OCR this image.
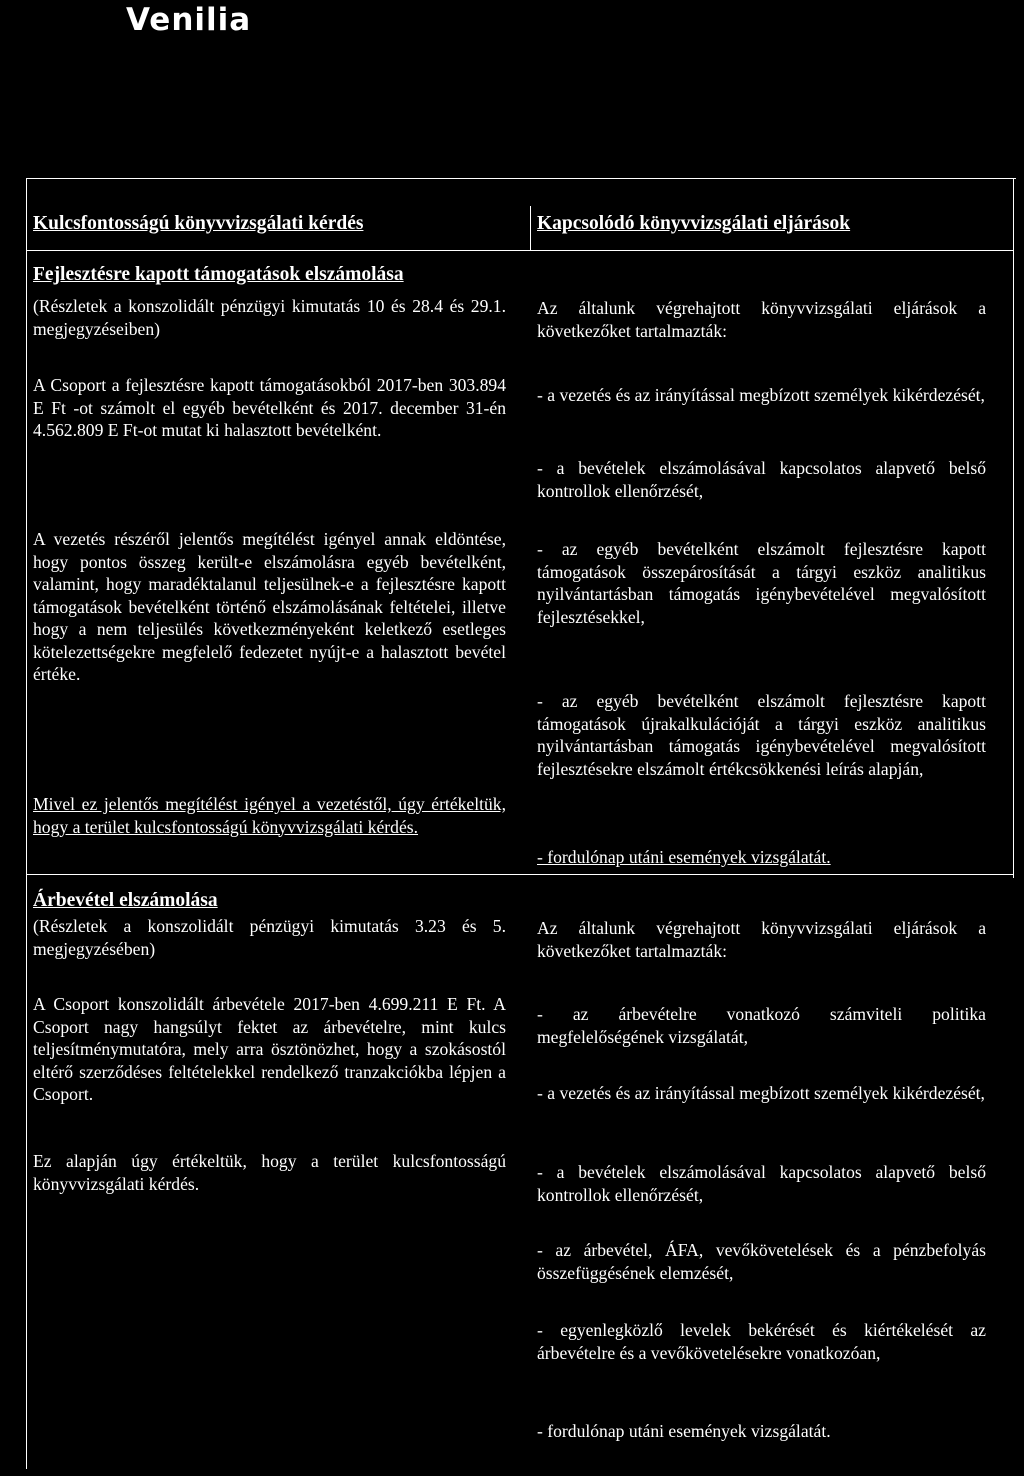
Venilia
Kulcsfontosságú könyvvizsgálati kérdés	Kapcsolódó könyvvizsgálati eljárások
Fejlesztésre kapott támogatások elszámolása

(Részletek a konszolidált pénzügyi kimutatás 10 és 28.4 és 29.1. megjegyzéseiben)

A Csoport a fejlesztésre kapott támogatásokból 2017-ben 303.894 E Ft -ot számolt el egyéb bevételként és 2017. december 31-én 4.562.809 E Ft-ot mutat ki halasztott bevételként.

A vezetés részéről jelentős megítélést igényel annak eldöntése, hogy pontos összeg került-e elszámolásra egyéb bevételként, valamint, hogy maradéktalanul teljesülnek-e a fejlesztésre kapott támogatások bevételként történő elszámolásának feltételei, illetve hogy a nem teljesülés következményeként keletkező esetleges kötelezettségekre megfelelő fedezetet nyújt-e a halasztott bevétel értéke.

Mivel ez jelentős megítélést igényel a vezetéstől, úgy értékeltük, hogy a terület kulcsfontosságú könyvvizsgálati kérdés.

Az általunk végrehajtott könyvvizsgálati eljárások a következőket tartalmazták:

- a vezetés és az irányítással megbízott személyek kikérdezését,

- a bevételek elszámolásával kapcsolatos alapvető belső kontrollok ellenőrzését,

- az egyéb bevételként elszámolt fejlesztésre kapott támogatások összepárosítását a tárgyi eszköz analitikus nyilvántartásban támogatás igénybevételével megvalósított fejlesztésekkel,

- az egyéb bevételként elszámolt fejlesztésre kapott támogatások újrakalkulációját a tárgyi eszköz analitikus nyilvántartásban támogatás igénybevételével megvalósított fejlesztésekre elszámolt értékcsökkenési leírás alapján,

- fordulónap utáni események vizsgálatát.

Árbevétel elszámolása

(Részletek a konszolidált pénzügyi kimutatás 3.23 és 5. megjegyzésében)

A Csoport konszolidált árbevétele 2017-ben 4.699.211 E Ft. A Csoport nagy hangsúlyt fektet az árbevételre, mint kulcs teljesítménymutatóra, mely arra ösztönözhet, hogy a szokásostól eltérő szerződéses feltételekkel rendelkező tranzakciókba lépjen a Csoport.

Ez alapján úgy értékeltük, hogy a terület kulcsfontosságú könyvvizsgálati kérdés.

Az általunk végrehajtott könyvvizsgálati eljárások a következőket tartalmazták:

- az árbevételre vonatkozó számviteli politika megfelelőségének vizsgálatát,

- a vezetés és az irányítással megbízott személyek kikérdezését,

- a bevételek elszámolásával kapcsolatos alapvető belső kontrollok ellenőrzését,

- az árbevétel, ÁFA, vevőkövetelések és a pénzbefolyás összefüggésének elemzését,

- egyenlegközlő levelek bekérését és kiértékelését az árbevételre és a vevőkövetelésekre vonatkozóan,

- fordulónap utáni események vizsgálatát.
